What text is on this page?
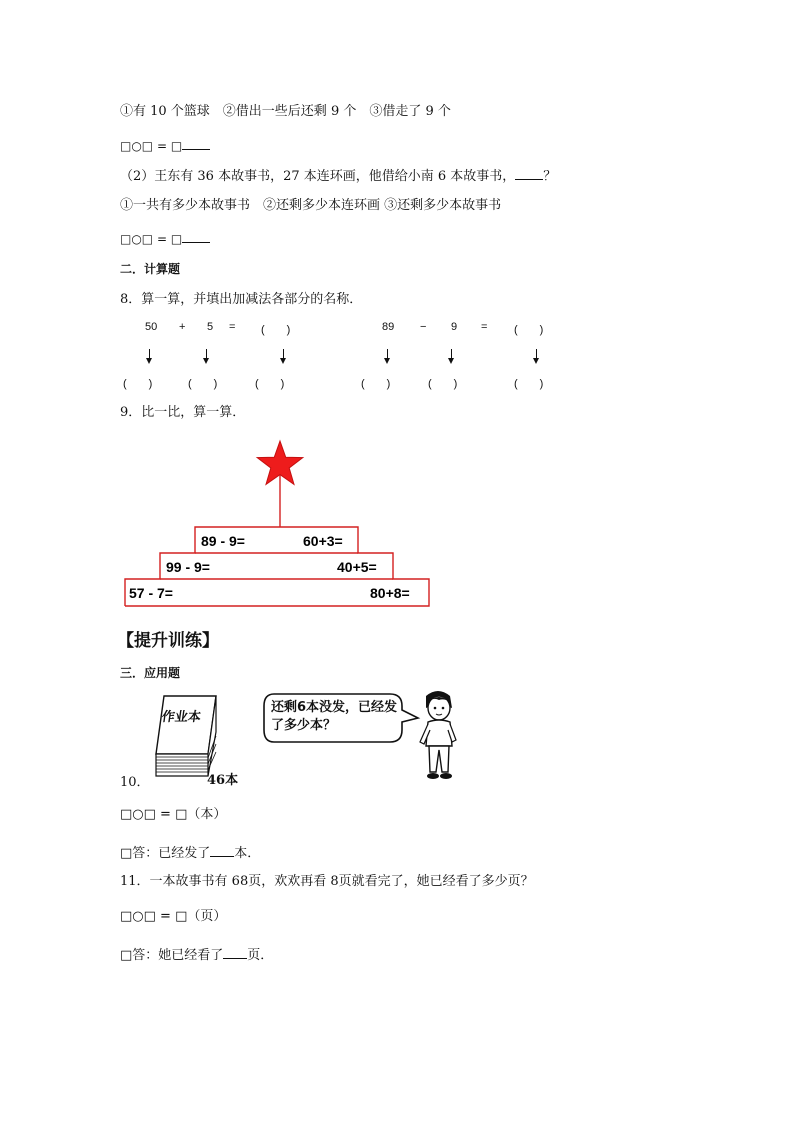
①有 10 个篮球　②借出一些后还剩 9 个　③借走了 9 个
□○□ = □
（2）王东有 36 本故事书，27 本连环画，他借给小南 6 本故事书， ？
①一共有多少本故事书　②还剩多少本连环画 ③还剩多少本故事书
□○□ = □
二．计算题
8．算一算，并填出加减法各部分的名称．
50 + 5 = (　　)	89 − 9 = (　　)
(　　)	(　　)	(　　)	(　　)	(　　)	(　　)
9．比一比，算一算．
89 - 9=	60+3=
99 - 9=	40+5=
57 - 7=	80+8=
【提升训练】
三．应用题
作业本
46本
还剩6本没发，已经发了多少本？
10．
□○□ = □（本）
□答：已经发了 本．
11．一本故事书有 68页，欢欢再看 8页就看完了，她已经看了多少页？
□○□ = □（页）
□答：她已经看了 页．
